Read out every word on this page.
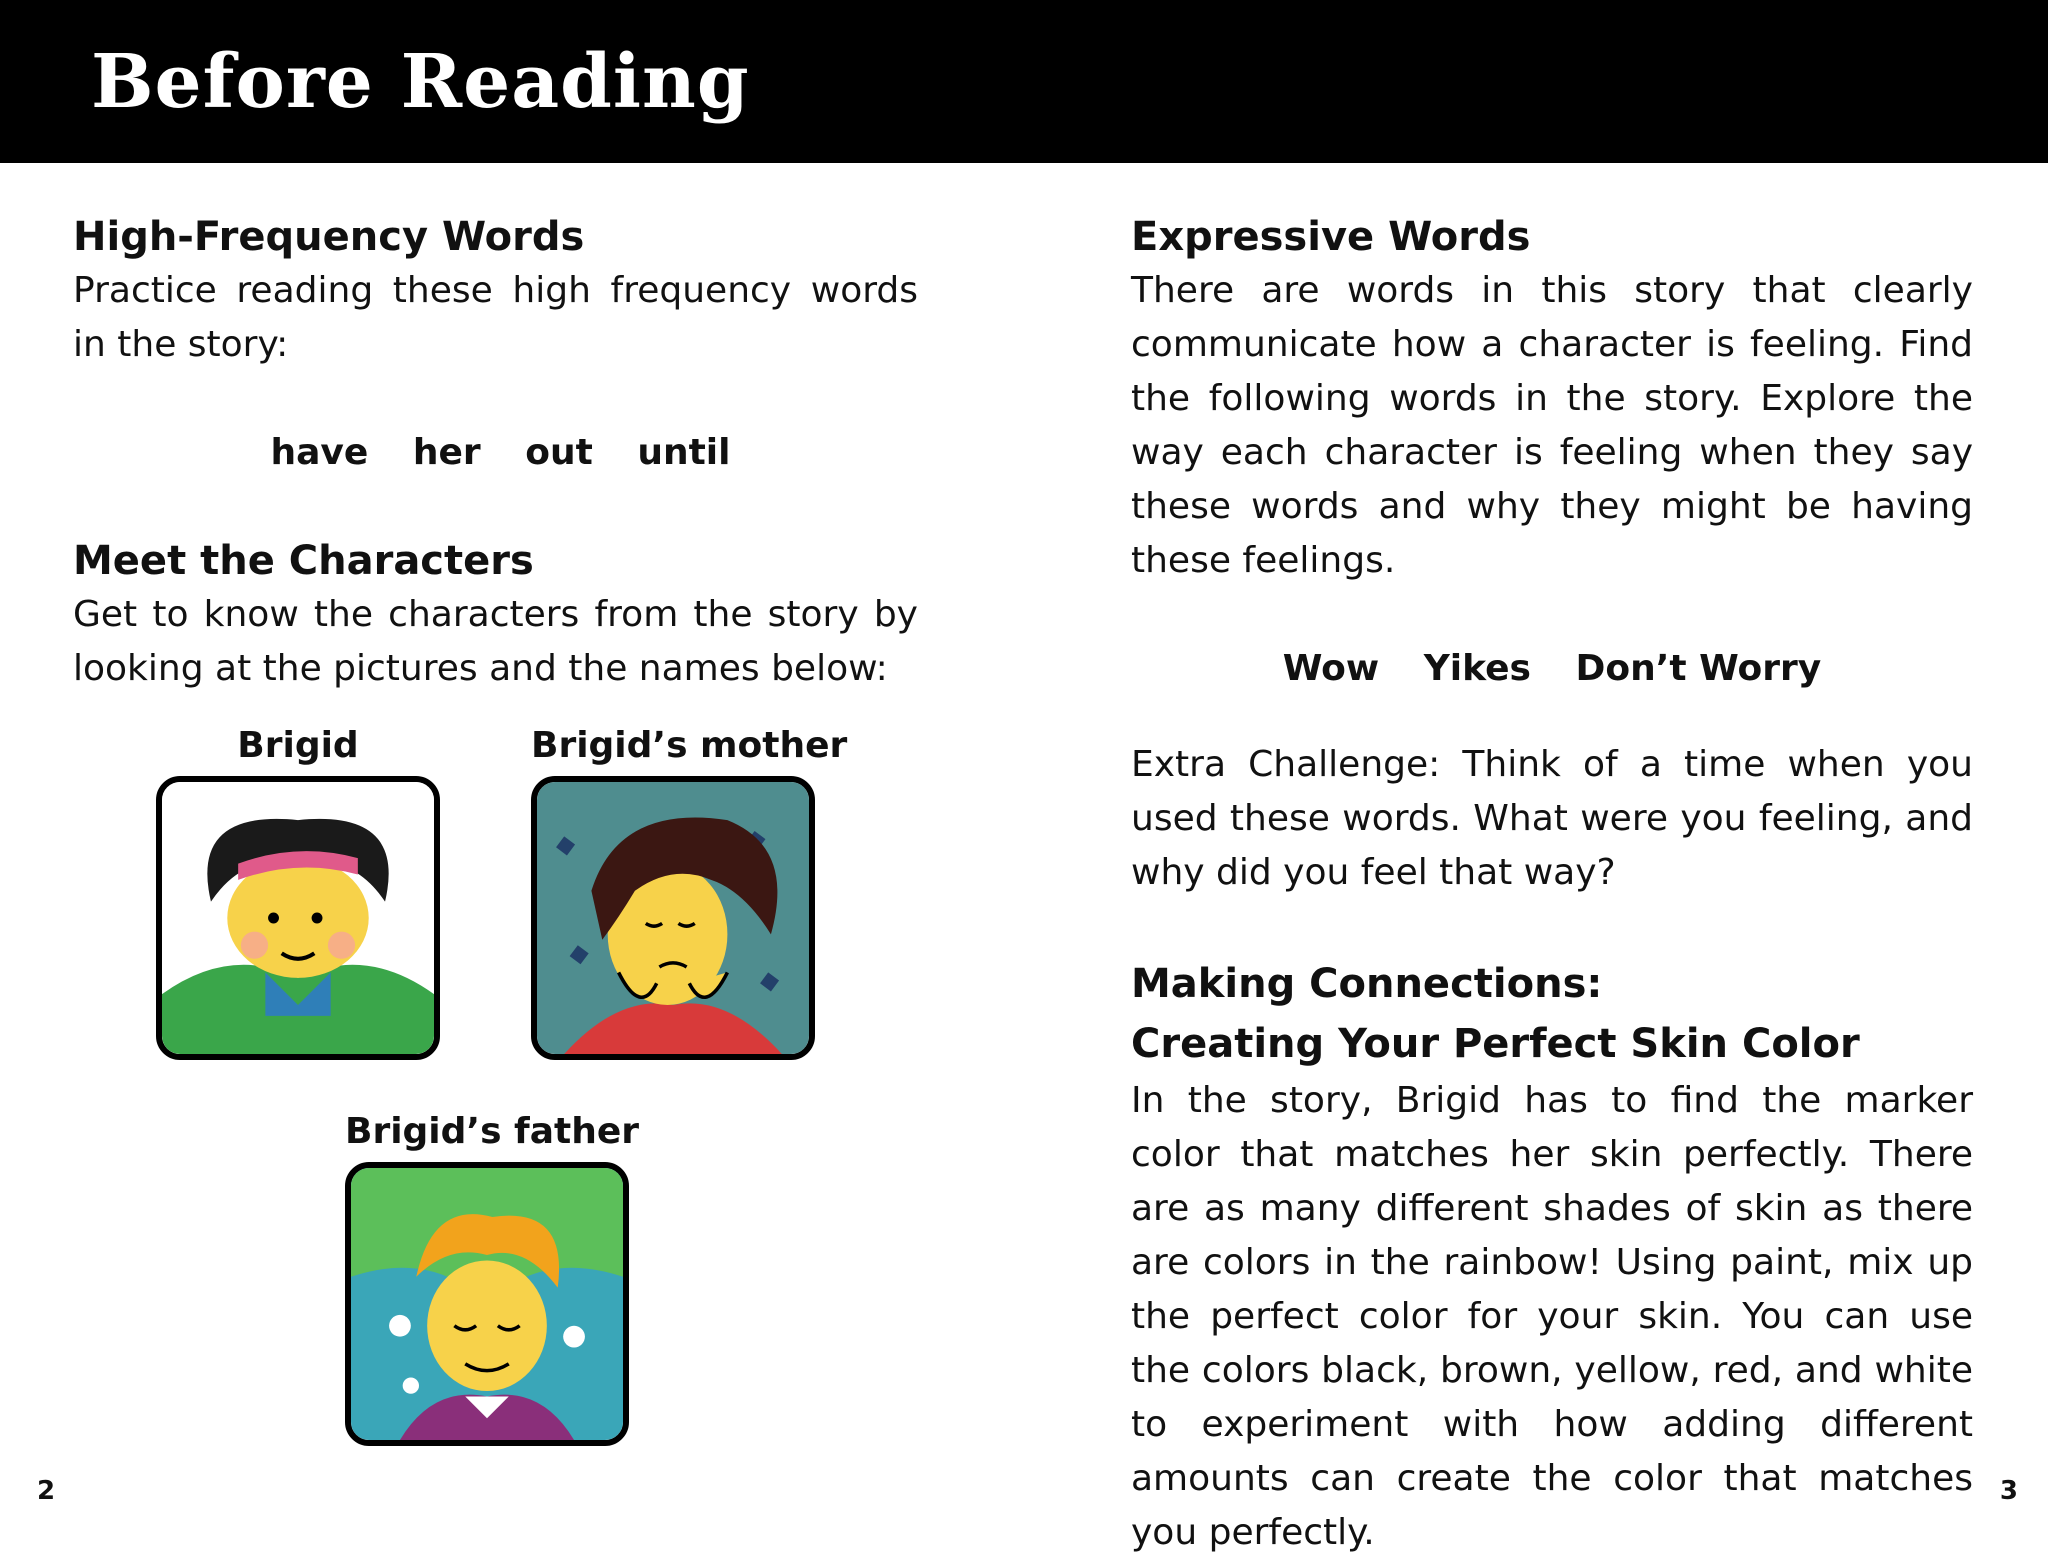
Before Reading
High-Frequency Words

Practice reading these high frequency words in the story:

have her out until
Meet the Characters

Get to know the characters from the story by looking at the pictures and the names below:

Brigid	Brigid’s mother
Brigid’s father
Expressive Words

There are words in this story that clearly communicate how a character is feeling. Find the following words in the story. Explore the way each character is feeling when they say these words and why they might be having these feelings.

Wow Yikes Don’t Worry

Extra Challenge: Think of a time when you used these words. What were you feeling, and why did you feel that way?

Making Connections:
Creating Your Perfect Skin Color

In the story, Brigid has to find the marker color that matches her skin perfectly. There are as many different shades of skin as there are colors in the rainbow! Using paint, mix up the perfect color for your skin. You can use the colors black, brown, yellow, red, and white to experiment with how adding different amounts can create the color that matches you perfectly.

2	3
